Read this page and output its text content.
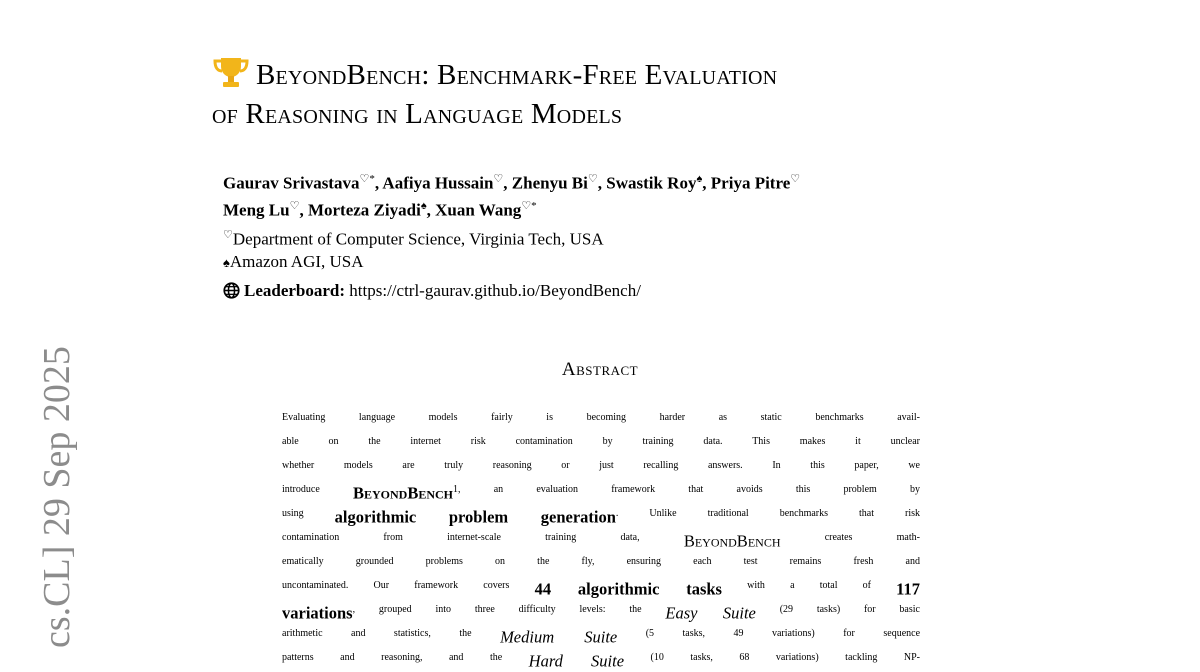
cs.CL] 29 Sep 2025
BeyondBench: Benchmark-Free Evaluation
of Reasoning in Language Models
Gaurav Srivastava♡*, Aafiya Hussain♡, Zhenyu Bi♡, Swastik Roy♠, Priya Pitre♡
Meng Lu♡, Morteza Ziyadi♠, Xuan Wang♡*
♡Department of Computer Science, Virginia Tech, USA
♠Amazon AGI, USA
Leaderboard: https://ctrl-gaurav.github.io/BeyondBench/
Abstract
$^{Evaluating language models fairly is becoming harder as static benchmarks avail-}$
$^{able on the internet risk contamination by training data. This makes it unclear}$
$^{whether models are truly reasoning or just recalling answers. In this paper, we}$
$^{introduce}$ BeyondBench$^{1, an evaluation framework that avoids this problem by}$
$^{using}$ algorithmic problem generation$^{. Unlike traditional benchmarks that risk}$
$^{contamination from internet-scale training data,}$ BeyondBench $^{creates math-}$
$^{ematically grounded problems on the fly, ensuring each test remains fresh and}$
$^{uncontaminated. Our framework covers}$ 44 algorithmic tasks $^{with a total of}$ 117
variations$^{, grouped into three difficulty levels: the}$ Easy Suite $^{(29 tasks) for basic}$
$^{arithmetic and statistics, the}$ Medium Suite $^{(5 tasks, 49 variations) for sequence}$
$^{patterns and reasoning, and the}$ Hard Suite $^{(10 tasks, 68 variations) tackling NP-}$
